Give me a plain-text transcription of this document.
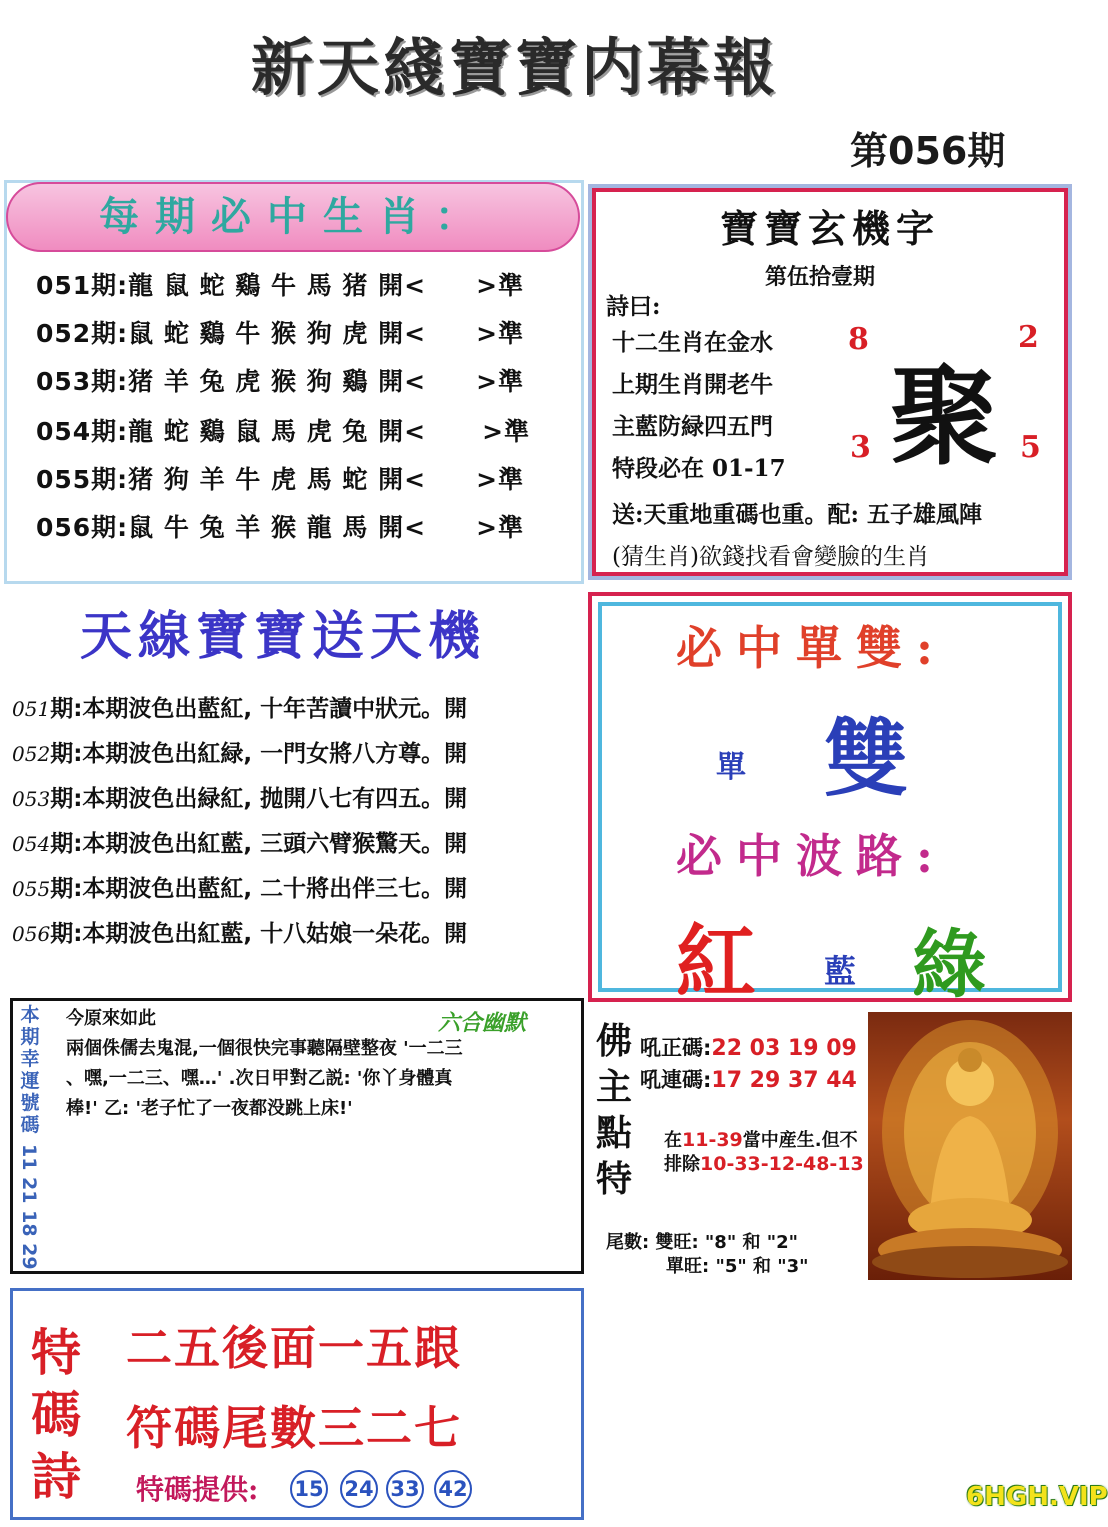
新天綫寶寶内幕報
第056期
每期必中生肖：
051期:龍 鼠 蛇 鷄 牛 馬 猪 開< >準
052期:鼠 蛇 鷄 牛 猴 狗 虎 開< >準
053期:猪 羊 兔 虎 猴 狗 鷄 開< >準
054期:龍 蛇 鷄 鼠 馬 虎 兔 開< >準
055期:猪 狗 羊 牛 虎 馬 蛇 開< >準
056期:鼠 牛 兔 羊 猴 龍 馬 開< >準
寶寶玄機字
第伍拾壹期
詩曰:
十二生肖在金水
上期生肖開老牛
主藍防緑四五門
特段必在 01-17
8	2
3	5
聚
送:天重地重碼也重。配: 五子雄風陣
(猜生肖)欲錢找看會變臉的生肖
天線寶寶送天機
051期:本期波色出藍紅, 十年苦讀中狀元。開
052期:本期波色出紅緑, 一門女將八方尊。開
053期:本期波色出緑紅, 抛開八七有四五。開
054期:本期波色出紅藍, 三頭六臂猴驚天。開
055期:本期波色出藍紅, 二十將出伴三七。開
056期:本期波色出紅藍, 十八姑娘一朵花。開
必中單雙:
單 雙
必中波路:
紅 藍 綠
本期幸運號碼
11 21 18 29
六合幽默
今原來如此
兩個侏儒去鬼混,一個很快完事聽隔壁整夜 '一二三
、嘿,一二三、嘿…' .次日甲對乙説: '你丫身體真
棒!' 乙: '老子忙了一夜都没跳上床!'
佛
主
點
特
吼正碼:22 03 19 09
吼連碼:17 29 37 44
在11-39當中産生.但不
排除10-33-12-48-13
尾數: 雙旺: "8" 和 "2"
單旺: "5" 和 "3"
特
碼
詩
二五後面一五跟
符碼尾數三二七
特碼提供: 15 24 33 42	6HGH.VIP
